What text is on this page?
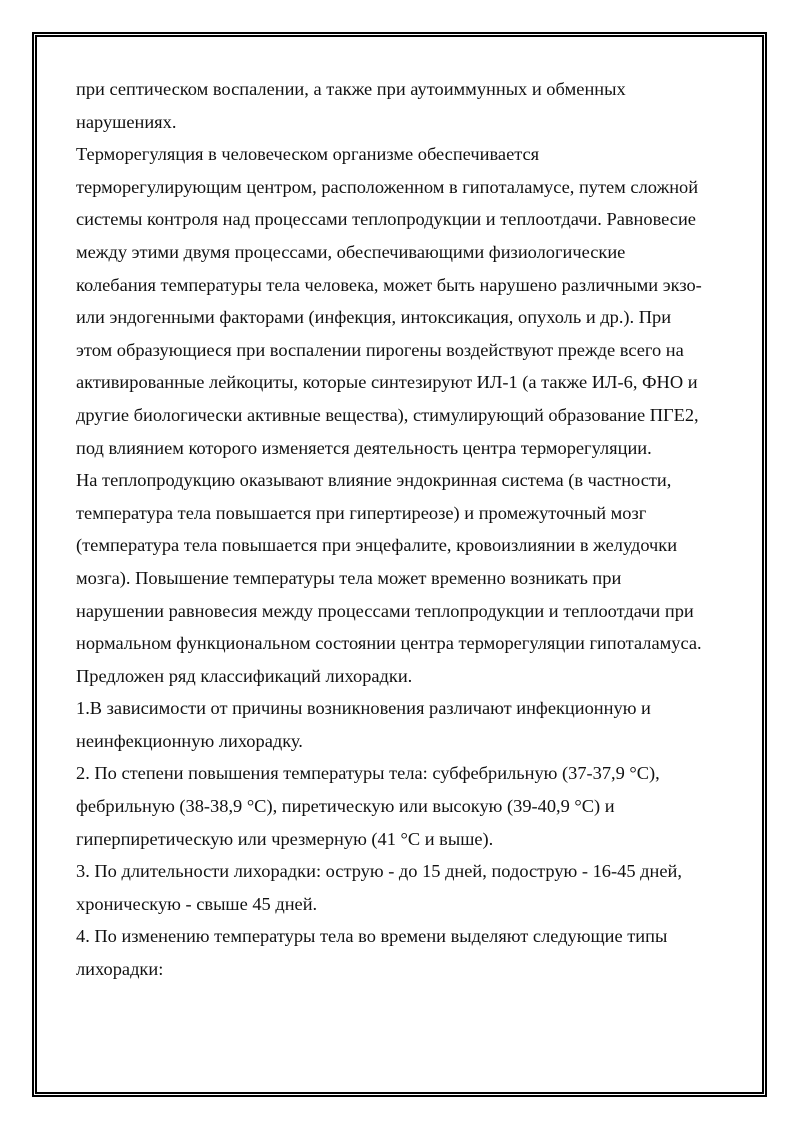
при септическом воспалении, а также при аутоиммунных и обменных
нарушениях.

Терморегуляция в человеческом организме обеспечивается
терморегулирующим центром, расположенном в гипоталамусе, путем сложной
системы контроля над процессами теплопродукции и теплоотдачи. Равновесие
между этими двумя процессами, обеспечивающими физиологические
колебания температуры тела человека, может быть нарушено различными экзо-
или эндогенными факторами (инфекция, интоксикация, опухоль и др.). При
этом образующиеся при воспалении пирогены воздействуют прежде всего на
активированные лейкоциты, которые синтезируют ИЛ-1 (а также ИЛ-6, ФНО и
другие биологически активные вещества), стимулирующий образование ПГЕ2,
под влиянием которого изменяется деятельность центра терморегуляции.

На теплопродукцию оказывают влияние эндокринная система (в частности,
температура тела повышается при гипертиреозе) и промежуточный мозг
(температура тела повышается при энцефалите, кровоизлиянии в желудочки
мозга). Повышение температуры тела может временно возникать при
нарушении равновесия между процессами теплопродукции и теплоотдачи при
нормальном функциональном состоянии центра терморегуляции гипоталамуса.

Предложен ряд классификаций лихорадки.

1.В зависимости от причины возникновения различают инфекционную и
неинфекционную лихорадку.

2. По степени повышения температуры тела: субфебрильную (37-37,9 °С),
фебрильную (38-38,9 °С), пиретическую или высокую (39-40,9 °С) и
гиперпиретическую или чрезмерную (41 °С и выше).

3. По длительности лихорадки: острую - до 15 дней, подострую - 16-45 дней,
хроническую - свыше 45 дней.

4. По изменению температуры тела во времени выделяют следующие типы
лихорадки:
